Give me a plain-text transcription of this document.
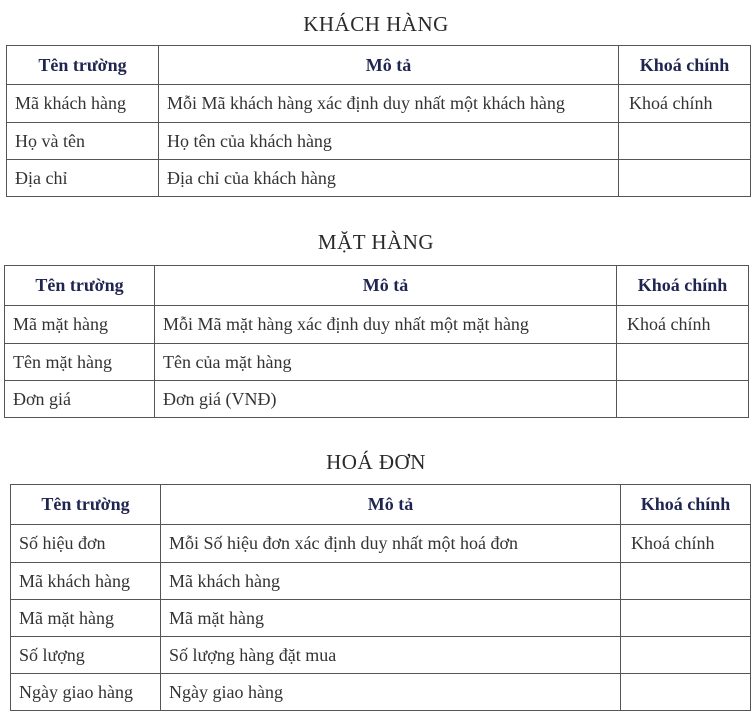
KHÁCH HÀNG
Tên trường	Mô tả	Khoá chính
Mã khách hàng	Mỗi Mã khách hàng xác định duy nhất một khách hàng	Khoá chính
Họ và tên	Họ tên của khách hàng	
Địa chỉ	Địa chỉ của khách hàng	
MẶT HÀNG
Tên trường	Mô tả	Khoá chính
Mã mặt hàng	Mỗi Mã mặt hàng xác định duy nhất một mặt hàng	Khoá chính
Tên mặt hàng	Tên của mặt hàng	
Đơn giá	Đơn giá (VNĐ)	
HOÁ ĐƠN
Tên trường	Mô tả	Khoá chính
Số hiệu đơn	Mỗi Số hiệu đơn xác định duy nhất một hoá đơn	Khoá chính
Mã khách hàng	Mã khách hàng	
Mã mặt hàng	Mã mặt hàng	
Số lượng	Số lượng hàng đặt mua	
Ngày giao hàng	Ngày giao hàng	
